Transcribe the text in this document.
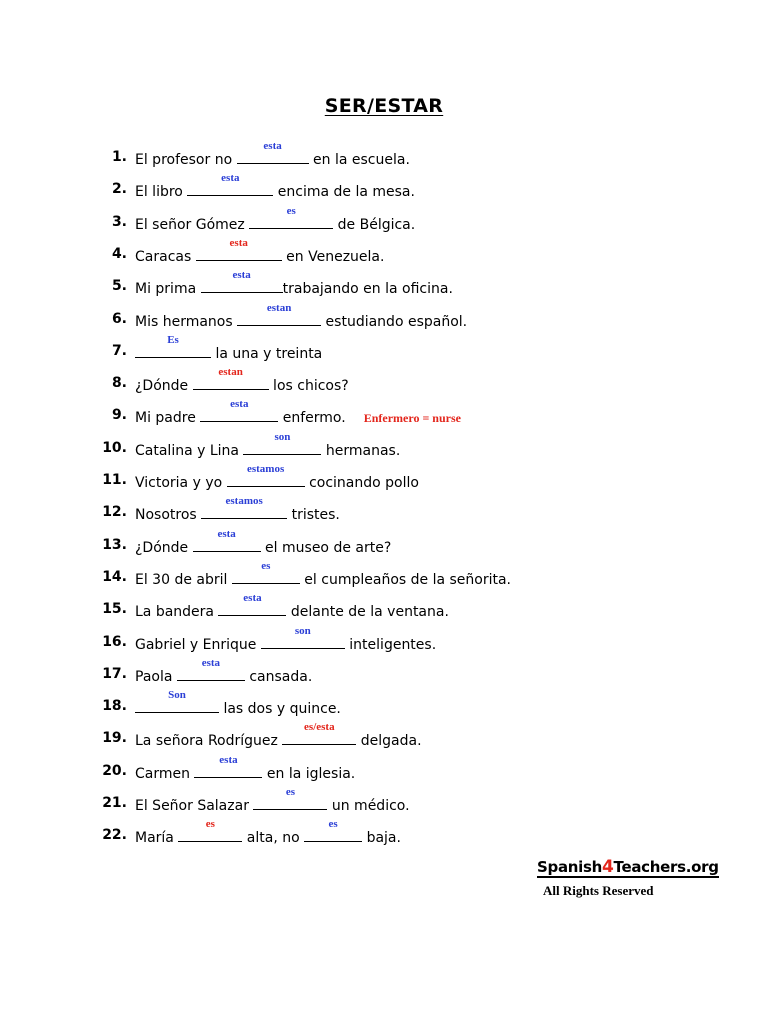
SER/ESTAR
1. El profesor no
esta
en la escuela.
2. El libro
esta
encima de la mesa.
3. El señor Gómez
es
de Bélgica.
4. Caracas
esta
en Venezuela.
5. Mi prima
esta
trabajando en la oficina.
6. Mis hermanos
estan
estudiando español.
7.
Es
la una y treinta
8. ¿Dónde
estan
los chicos?
9. Mi padre
esta
enfermo. Enfermero = nurse
10. Catalina y Lina
son
hermanas.
11. Victoria y yo
estamos
cocinando pollo
12. Nosotros
estamos
tristes.
13. ¿Dónde
esta
el museo de arte?
14. El 30 de abril
es
el cumpleaños de la señorita.
15. La bandera
esta
delante de la ventana.
16. Gabriel y Enrique
son
inteligentes.
17. Paola
esta
cansada.
18.
Son
las dos y quince.
19. La señora Rodríguez
es/esta
delgada.
20. Carmen
esta
en la iglesia.
21. El Señor Salazar
es
un médico.
22. María
es
alta, no
es
baja.
Spanish4Teachers.org
All Rights Reserved
